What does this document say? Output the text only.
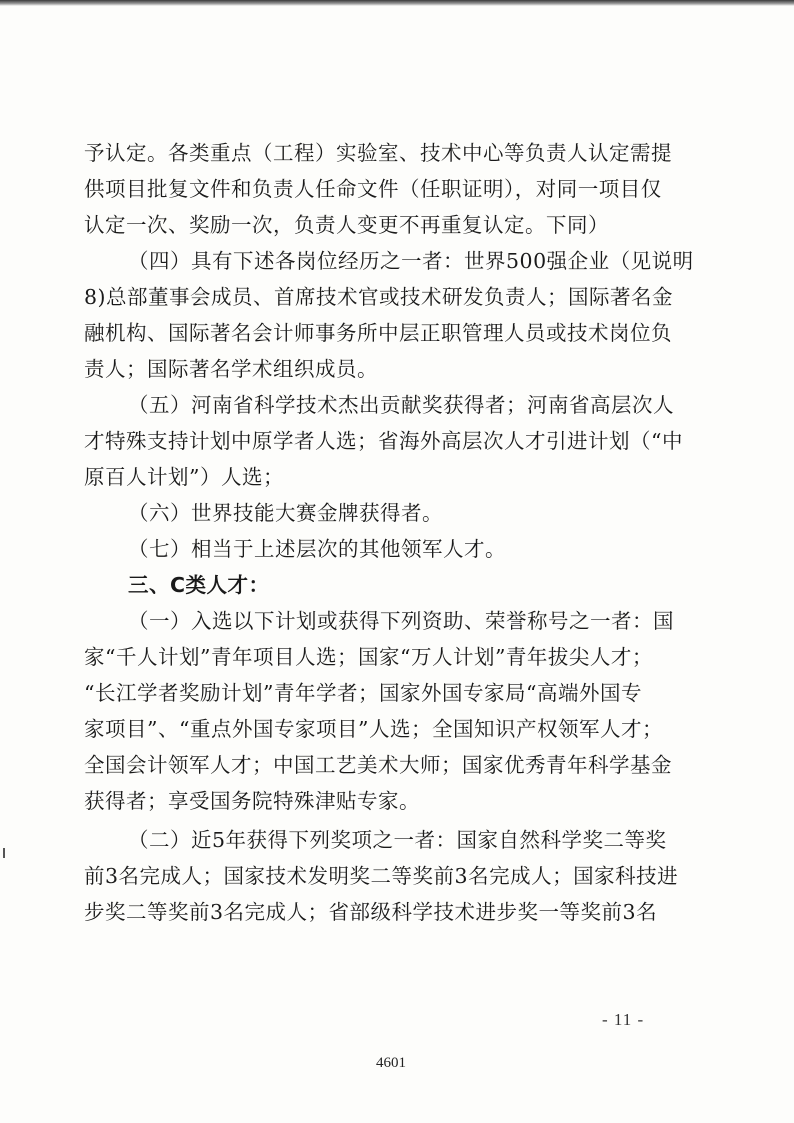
予认定。各类重点（工程）实验室、技术中心等负责人认定需提
供项目批复文件和负责人任命文件（任职证明），对同一项目仅
认定一次、奖励一次，负责人变更不再重复认定。下同）
（四）具有下述各岗位经历之一者：世界500强企业（见说明
8)总部董事会成员、首席技术官或技术研发负责人；国际著名金
融机构、国际著名会计师事务所中层正职管理人员或技术岗位负
责人；国际著名学术组织成员。
（五）河南省科学技术杰出贡献奖获得者；河南省高层次人
才特殊支持计划中原学者人选；省海外高层次人才引进计划（“中
原百人计划”）人选；
（六）世界技能大赛金牌获得者。
（七）相当于上述层次的其他领军人才。
三、C类人才：
（一）入选以下计划或获得下列资助、荣誉称号之一者：国
家“千人计划”青年项目人选；国家“万人计划”青年拔尖人才；
“长江学者奖励计划”青年学者；国家外国专家局“高端外国专
家项目”、“重点外国专家项目”人选；全国知识产权领军人才；
全国会计领军人才；中国工艺美术大师；国家优秀青年科学基金
获得者；享受国务院特殊津贴专家。
（二）近5年获得下列奖项之一者：国家自然科学奖二等奖
前3名完成人；国家技术发明奖二等奖前3名完成人；国家科技进
步奖二等奖前3名完成人；省部级科学技术进步奖一等奖前3名
- 11 -
4601
